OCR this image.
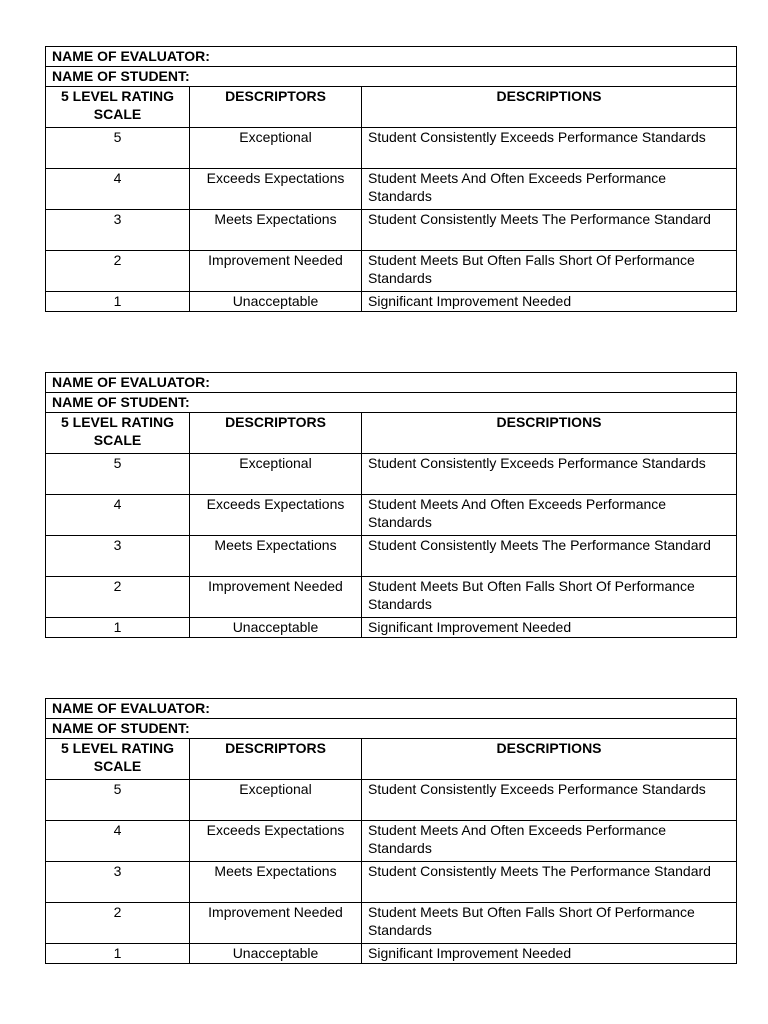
NAME OF EVALUATOR:		
NAME OF STUDENT:		
5 LEVEL RATING SCALE	DESCRIPTORS	DESCRIPTIONS
5	Exceptional	Student Consistently Exceeds Performance Standards
4	Exceeds Expectations	Student Meets And Often Exceeds Performance Standards
3	Meets Expectations	Student Consistently Meets The Performance Standard
2	Improvement Needed	Student Meets But Often Falls Short Of Performance Standards
1	Unacceptable	Significant Improvement Needed
NAME OF EVALUATOR:		
NAME OF STUDENT:		
5 LEVEL RATING SCALE	DESCRIPTORS	DESCRIPTIONS
5	Exceptional	Student Consistently Exceeds Performance Standards
4	Exceeds Expectations	Student Meets And Often Exceeds Performance Standards
3	Meets Expectations	Student Consistently Meets The Performance Standard
2	Improvement Needed	Student Meets But Often Falls Short Of Performance Standards
1	Unacceptable	Significant Improvement Needed
NAME OF EVALUATOR:		
NAME OF STUDENT:		
5 LEVEL RATING SCALE	DESCRIPTORS	DESCRIPTIONS
5	Exceptional	Student Consistently Exceeds Performance Standards
4	Exceeds Expectations	Student Meets And Often Exceeds Performance Standards
3	Meets Expectations	Student Consistently Meets The Performance Standard
2	Improvement Needed	Student Meets But Often Falls Short Of Performance Standards
1	Unacceptable	Significant Improvement Needed
